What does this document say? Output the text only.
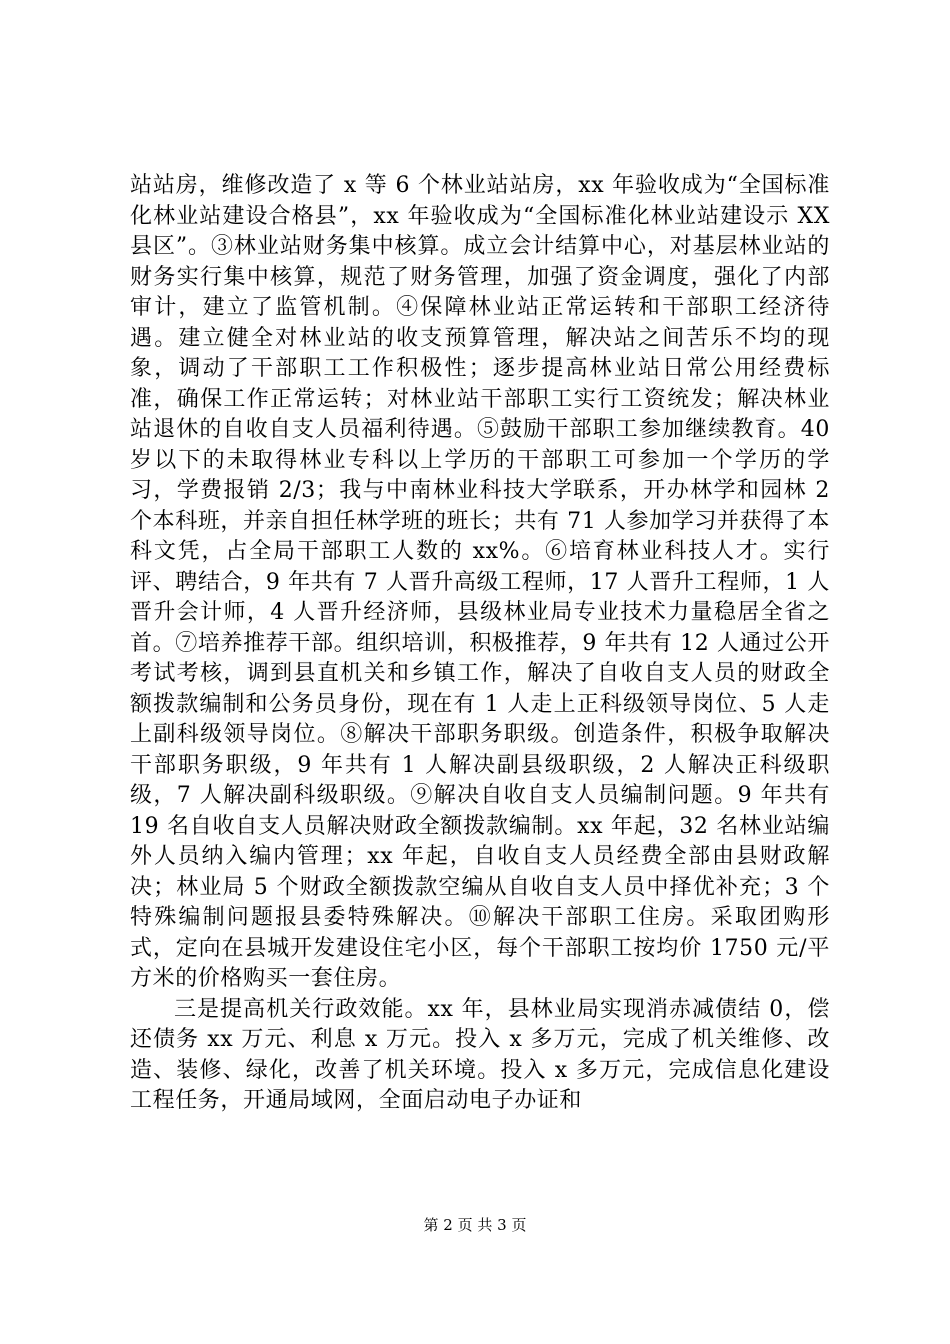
站站房，维修改造了 x 等 6 个林业站站房，xx 年验收成为“全国标准化林业站建设合格县”，xx 年验收成为“全国标准化林业站建设示 XX 县区”。③林业站财务集中核算。成立会计结算中心，对基层林业站的财务实行集中核算，规范了财务管理，加强了资金调度，强化了内部审计，建立了监管机制。④保障林业站正常运转和干部职工经济待遇。建立健全对林业站的收支预算管理，解决站之间苦乐不均的现象，调动了干部职工工作积极性；逐步提高林业站日常公用经费标准，确保工作正常运转；对林业站干部职工实行工资统发；解决林业站退休的自收自支人员福利待遇。⑤鼓励干部职工参加继续教育。40 岁以下的未取得林业专科以上学历的干部职工可参加一个学历的学习，学费报销 2/3；我与中南林业科技大学联系，开办林学和园林 2 个本科班，并亲自担任林学班的班长；共有 71 人参加学习并获得了本科文凭，占全局干部职工人数的 xx%。⑥培育林业科技人才。实行评、聘结合，9 年共有 7 人晋升高级工程师，17 人晋升工程师，1 人晋升会计师，4 人晋升经济师，县级林业局专业技术力量稳居全省之首。⑦培养推荐干部。组织培训，积极推荐，9 年共有 12 人通过公开考试考核，调到县直机关和乡镇工作，解决了自收自支人员的财政全额拨款编制和公务员身份，现在有 1 人走上正科级领导岗位、5 人走上副科级领导岗位。⑧解决干部职务职级。创造条件，积极争取解决干部职务职级，9 年共有 1 人解决副县级职级，2 人解决正科级职级，7 人解决副科级职级。⑨解决自收自支人员编制问题。9 年共有 19 名自收自支人员解决财政全额拨款编制。xx 年起，32 名林业站编外人员纳入编内管理；xx 年起，自收自支人员经费全部由县财政解决；林业局 5 个财政全额拨款空编从自收自支人员中择优补充；3 个特殊编制问题报县委特殊解决。⑩解决干部职工住房。采取团购形式，定向在县城开发建设住宅小区，每个干部职工按均价 1750 元/平方米的价格购买一套住房。

三是提高机关行政效能。xx 年，县林业局实现消赤减债结 0，偿还债务 xx 万元、利息 x 万元。投入 x 多万元，完成了机关维修、改造、装修、绿化，改善了机关环境。投入 x 多万元，完成信息化建设工程任务，开通局域网，全面启动电子办证和

第 2 页 共 3 页
